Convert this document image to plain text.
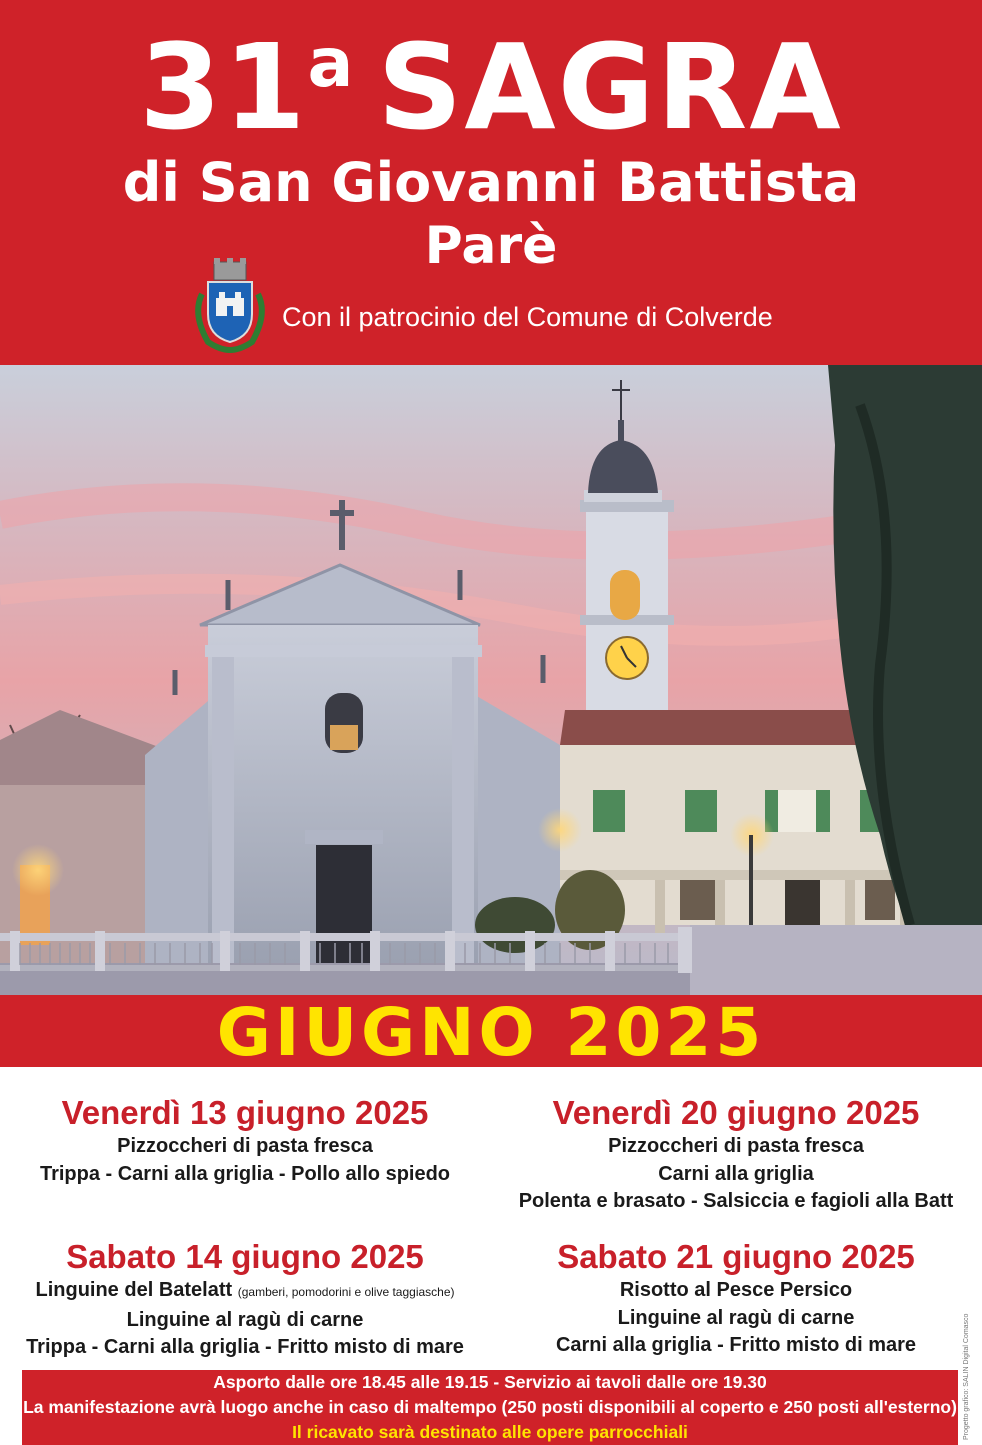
31$^a$ SAGRA
di San Giovanni Battista
Parè
Con il patrocinio del Comune di Colverde
GIUGNO 2025
Venerdì 13 giugno 2025
Pizzoccheri di pasta fresca
Trippa - Carni alla griglia - Pollo allo spiedo
Venerdì 20 giugno 2025
Pizzoccheri di pasta fresca
Carni alla griglia
Polenta e brasato - Salsiccia e fagioli alla Batt
Sabato 14 giugno 2025
Linguine del Batelatt (gamberi, pomodorini e olive taggiasche)
Linguine al ragù di carne
Trippa - Carni alla griglia - Fritto misto di mare
Sabato 21 giugno 2025
Risotto al Pesce Persico
Linguine al ragù di carne
Carni alla griglia - Fritto misto di mare
Asporto dalle ore 18.45 alle 19.15 - Servizio ai tavoli dalle ore 19.30
La manifestazione avrà luogo anche in caso di maltempo (250 posti disponibili al coperto e 250 posti all'esterno)
Il ricavato sarà destinato alle opere parrocchiali	Progetto grafico: SALIN Digital Comasco
